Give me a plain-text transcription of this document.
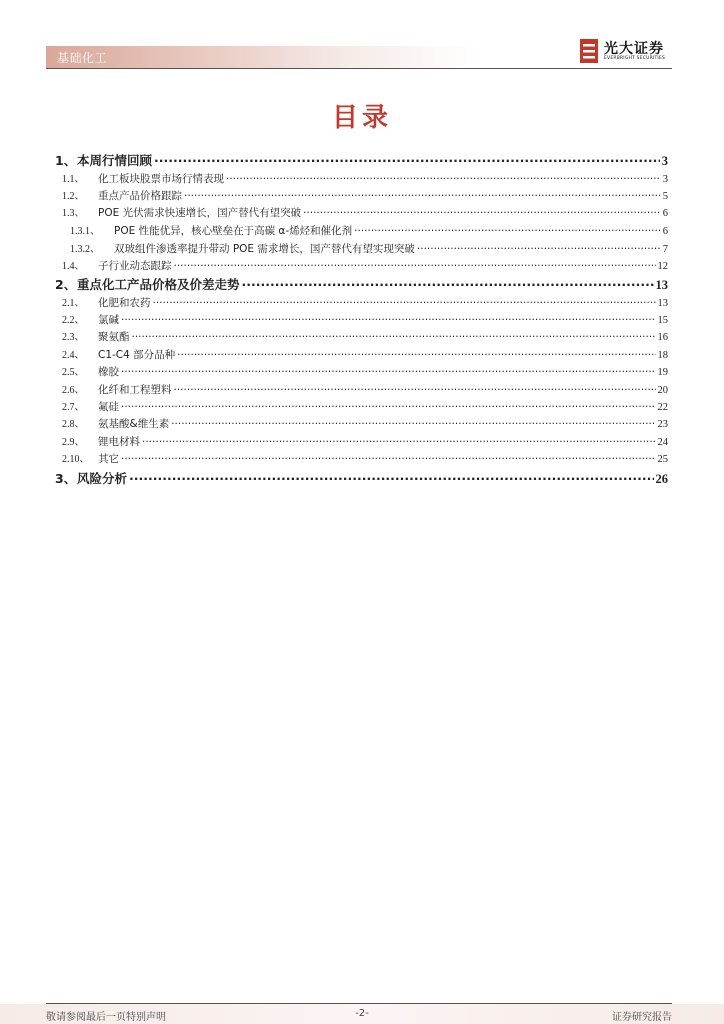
基础化工
光大证券
EVERBRIGHT SECURITIES
目录
1、 本周行情回顾 .....	3
1.1、	化工板块股票市场行情表现 .....	3
1.2、	重点产品价格跟踪 .....	5
1.3、	POE 光伏需求快速增长，国产替代有望突破 .....	6
1.3.1、	POE 性能优异，核心壁垒在于高碳 α-烯烃和催化剂 .....	6
1.3.2、	双玻组件渗透率提升带动 POE 需求增长，国产替代有望实现突破 .....	7
1.4、	子行业动态跟踪 .....	12
2、 重点化工产品价格及价差走势 .....	13
2.1、	化肥和农药 .....	13
2.2、	氯碱 .....	15
2.3、	聚氨酯 .....	16
2.4、	C1-C4 部分品种 .....	18
2.5、	橡胶 .....	19
2.6、	化纤和工程塑料 .....	20
2.7、	氟硅 .....	22
2.8、	氨基酸&维生素 .....	23
2.9、	锂电材料 .....	24
2.10、 其它 .....	25
3、 风险分析 .....	26
敬请参阅最后一页特别声明	-2-	证券研究报告
